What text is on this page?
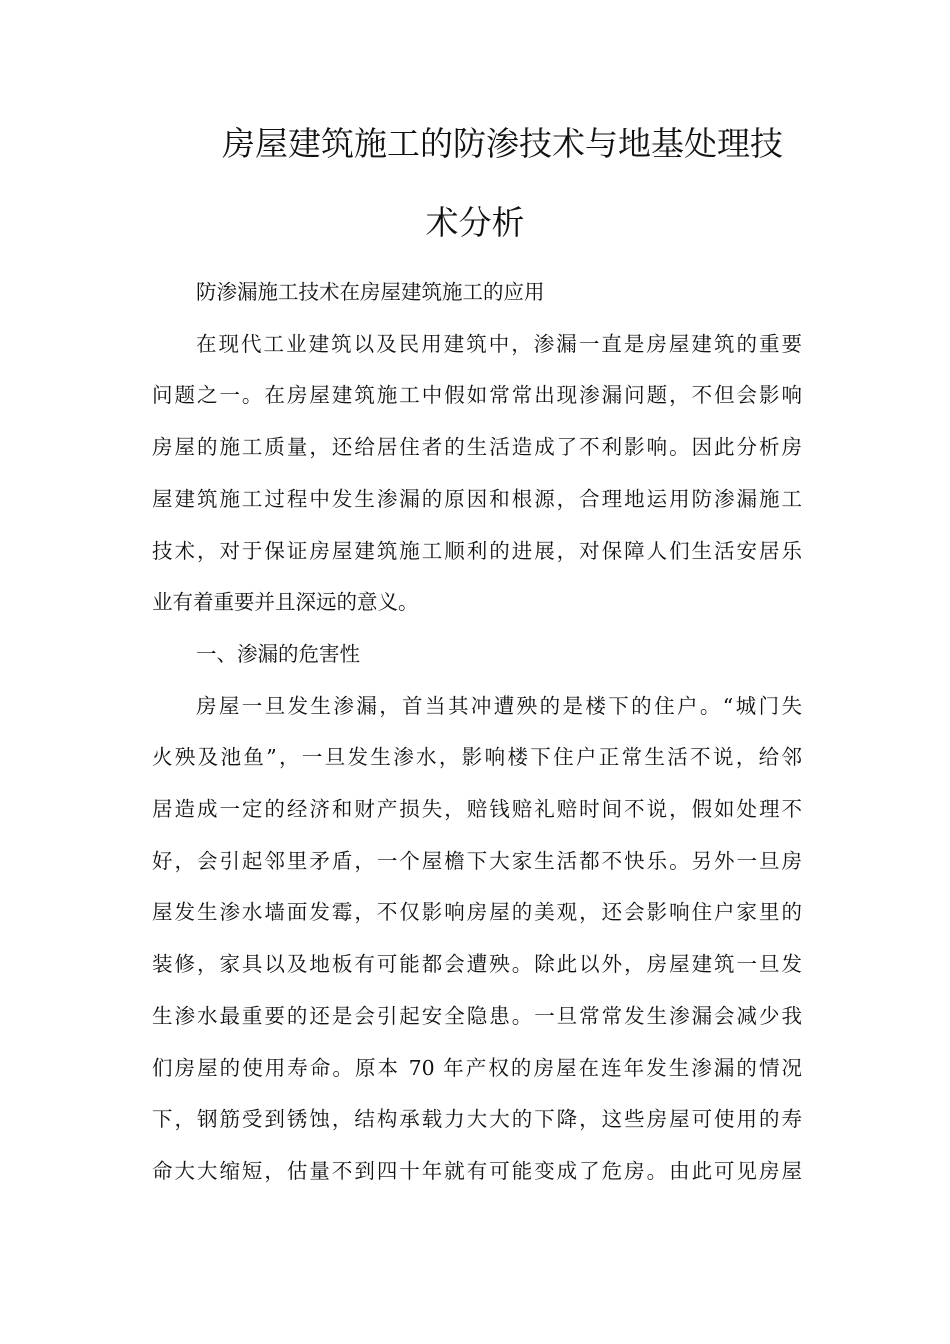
房屋建筑施工的防渗技术与地基处理技
术分析

防渗漏施工技术在房屋建筑施工的应用

在现代工业建筑以及民用建筑中，渗漏一直是房屋建筑的重要
问题之一。在房屋建筑施工中假如常常出现渗漏问题，不但会影响
房屋的施工质量，还给居住者的生活造成了不利影响。因此分析房
屋建筑施工过程中发生渗漏的原因和根源，合理地运用防渗漏施工
技术，对于保证房屋建筑施工顺利的进展，对保障人们生活安居乐
业有着重要并且深远的意义。

一、渗漏的危害性

房屋一旦发生渗漏，首当其冲遭殃的是楼下的住户。“城门失
火殃及池鱼”，一旦发生渗水，影响楼下住户正常生活不说，给邻
居造成一定的经济和财产损失，赔钱赔礼赔时间不说，假如处理不
好，会引起邻里矛盾，一个屋檐下大家生活都不快乐。另外一旦房
屋发生渗水墙面发霉，不仅影响房屋的美观，还会影响住户家里的
装修，家具以及地板有可能都会遭殃。除此以外，房屋建筑一旦发
生渗水最重要的还是会引起安全隐患。一旦常常发生渗漏会减少我
们房屋的使用寿命。原本 70 年产权的房屋在连年发生渗漏的情况
下，钢筋受到锈蚀，结构承载力大大的下降，这些房屋可使用的寿
命大大缩短，估量不到四十年就有可能变成了危房。由此可见房屋
